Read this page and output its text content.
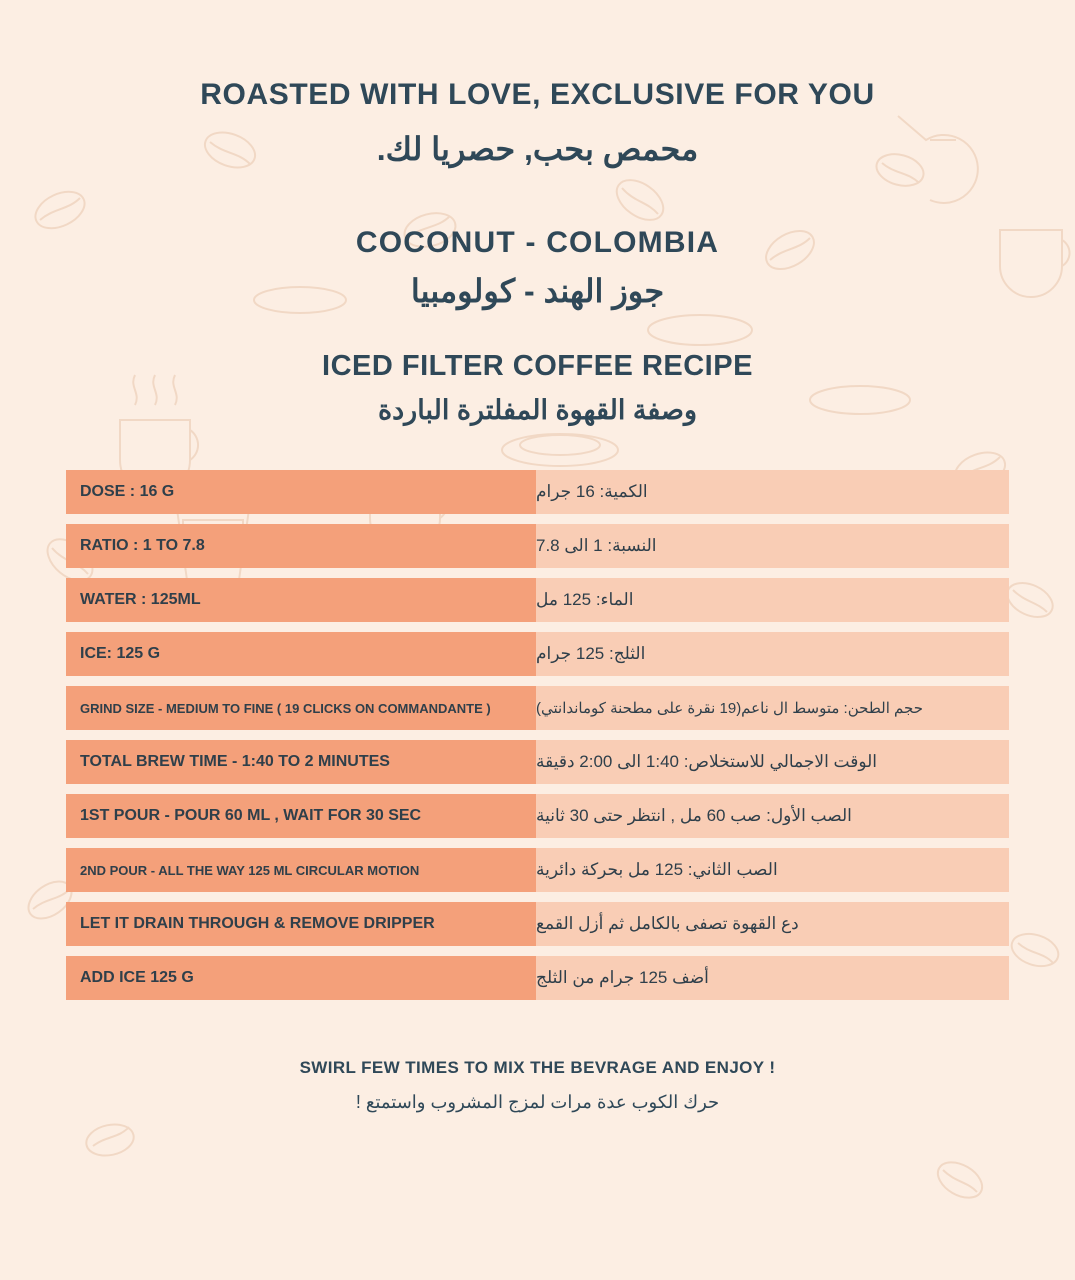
ROASTED WITH LOVE, EXCLUSIVE FOR YOU
محمص بحب, حصريا لك.
COCONUT - COLOMBIA
جوز الهند - كولومبيا
ICED FILTER COFFEE RECIPE
وصفة القهوة المفلترة الباردة
DOSE : 16 G	الكمية: 16 جرام
RATIO : 1 TO 7.8	النسبة: 1 الى 7.8
WATER : 125ML	الماء: 125 مل
ICE: 125 G	الثلج: 125 جرام
GRIND SIZE - MEDIUM TO FINE ( 19 CLICKS ON COMMANDANTE )	حجم الطحن: متوسط ال ناعم(19 نقرة على مطحنة كوماندانتي)
TOTAL BREW TIME - 1:40 TO 2 MINUTES	الوقت الاجمالي للاستخلاص: 1:40 الى 2:00 دقيقة
1ST POUR - POUR 60 ML , WAIT FOR 30 SEC	الصب الأول: صب 60 مل , انتظر حتى 30 ثانية
2ND POUR - ALL THE WAY 125 ML CIRCULAR MOTION	الصب الثاني: 125 مل بحركة دائرية
LET IT DRAIN THROUGH & REMOVE DRIPPER	دع القهوة تصفى بالكامل ثم أزل القمع
ADD ICE 125 G	أضف 125 جرام من الثلج
SWIRL FEW TIMES TO MIX THE BEVRAGE AND ENJOY !
حرك الكوب عدة مرات لمزج المشروب واستمتع !
